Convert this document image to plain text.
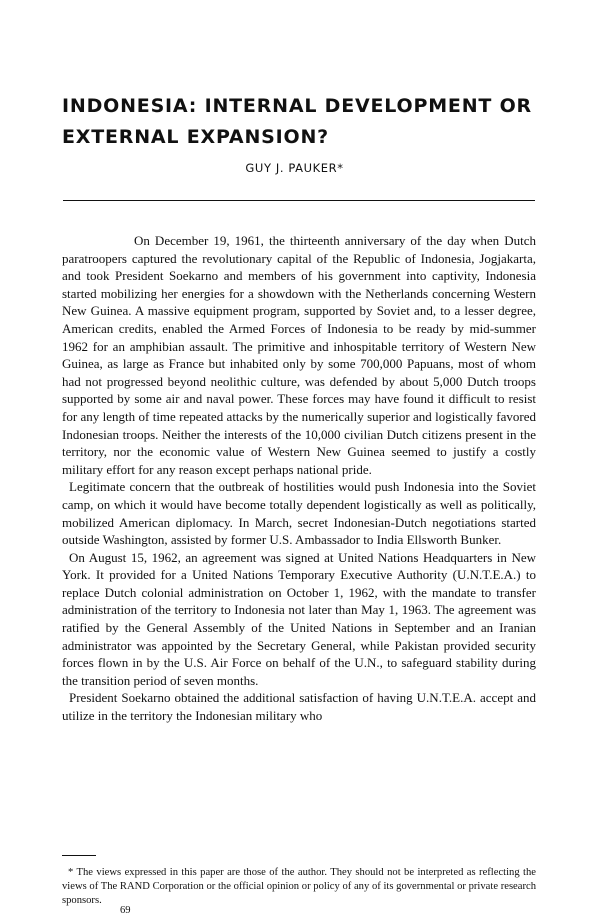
INDONESIA: INTERNAL DEVELOPMENT OR
EXTERNAL EXPANSION?
GUY J. PAUKER*

On December 19, 1961, the thirteenth anniversary of the day when Dutch paratroopers captured the revolutionary capital of the Republic of Indonesia, Jogjakarta, and took President Soekarno and members of his government into captivity, Indonesia started mobilizing her energies for a showdown with the Netherlands concerning Western New Guinea. A massive equipment program, supported by Soviet and, to a lesser degree, American credits, enabled the Armed Forces of Indonesia to be ready by mid-summer 1962 for an amphibian assault. The primitive and inhospitable territory of Western New Guinea, as large as France but inhabited only by some 700,000 Papuans, most of whom had not progressed beyond neolithic culture, was defended by about 5,000 Dutch troops supported by some air and naval power. These forces may have found it difficult to resist for any length of time repeated attacks by the numerically superior and logistically favored Indonesian troops. Neither the interests of the 10,000 civilian Dutch citizens present in the territory, nor the economic value of Western New Guinea seemed to justify a costly military effort for any reason except perhaps national pride.

Legitimate concern that the outbreak of hostilities would push Indonesia into the Soviet camp, on which it would have become totally dependent logistically as well as politically, mobilized American diplomacy. In March, secret Indonesian-Dutch negotiations started outside Washington, assisted by former U.S. Ambassador to India Ellsworth Bunker.

On August 15, 1962, an agreement was signed at United Nations Headquarters in New York. It provided for a United Nations Temporary Executive Authority (U.N.T.E.A.) to replace Dutch colonial administration on October 1, 1962, with the mandate to transfer administration of the territory to Indonesia not later than May 1, 1963. The agreement was ratified by the General Assembly of the United Nations in September and an Iranian administrator was appointed by the Secretary General, while Pakistan provided security forces flown in by the U.S. Air Force on behalf of the U.N., to safeguard stability during the transition period of seven months.

President Soekarno obtained the additional satisfaction of having U.N.T.E.A. accept and utilize in the territory the Indonesian military who

* The views expressed in this paper are those of the author. They should not be interpreted as reflecting the views of The RAND Corporation or the official opinion or policy of any of its governmental or private research sponsors.

69
